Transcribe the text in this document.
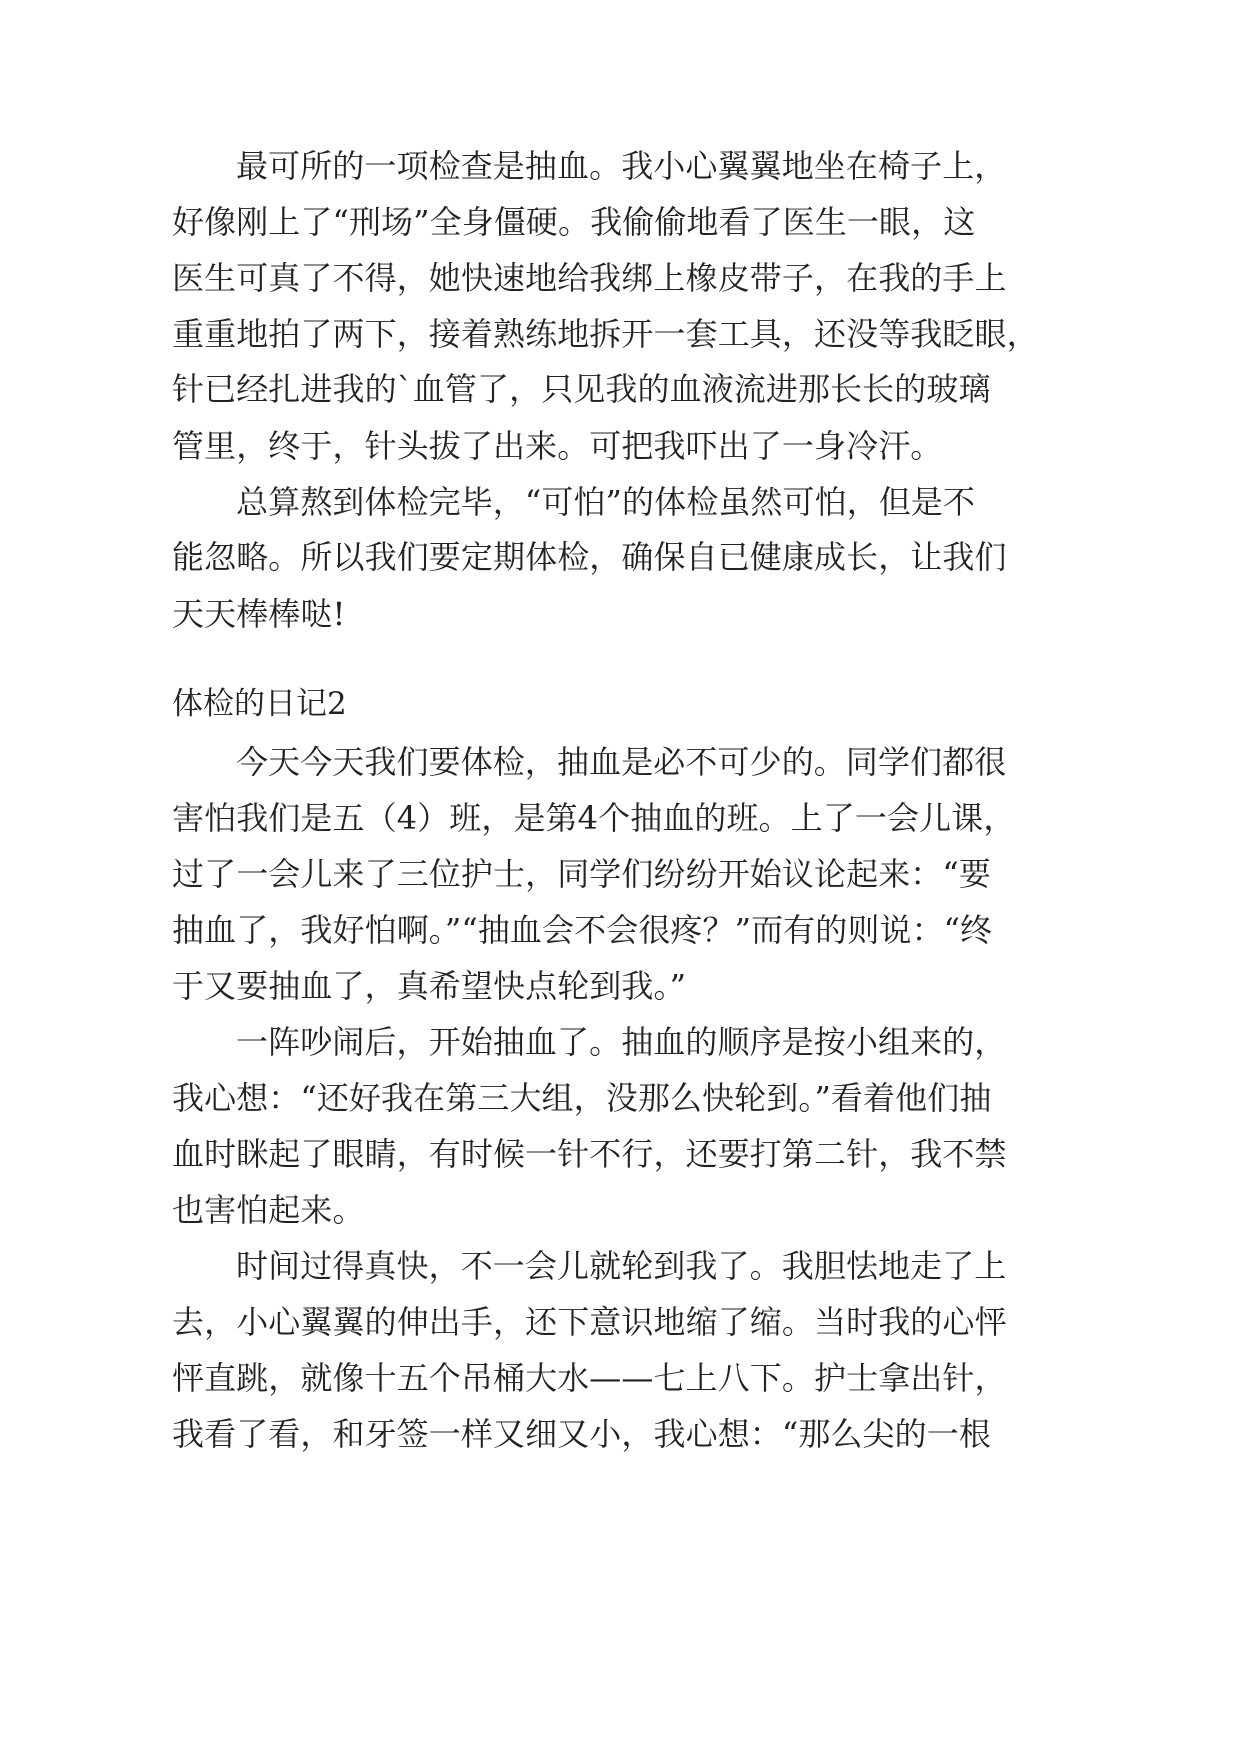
最可所的一项检查是抽血。我小心翼翼地坐在椅子上，
好像刚上了“刑场”全身僵硬。我偷偷地看了医生一眼，这
医生可真了不得，她快速地给我绑上橡皮带子，在我的手上
重重地拍了两下，接着熟练地拆开一套工具，还没等我眨眼，
针已经扎进我的`血管了，只见我的血液流进那长长的玻璃
管里，终于，针头拔了出来。可把我吓出了一身冷汗。
总算熬到体检完毕，“可怕”的体检虽然可怕，但是不
能忽略。所以我们要定期体检，确保自已健康成长，让我们
天天棒棒哒!
体检的日记2
今天今天我们要体检，抽血是必不可少的。同学们都很
害怕我们是五（4）班，是第4个抽血的班。上了一会儿课，
过了一会儿来了三位护士，同学们纷纷开始议论起来：“要
抽血了，我好怕啊。”“抽血会不会很疼？”而有的则说：“终
于又要抽血了，真希望快点轮到我。”
一阵吵闹后，开始抽血了。抽血的顺序是按小组来的，
我心想：“还好我在第三大组，没那么快轮到。”看着他们抽
血时眯起了眼睛，有时候一针不行，还要打第二针，我不禁
也害怕起来。
时间过得真快，不一会儿就轮到我了。我胆怯地走了上
去，小心翼翼的伸出手，还下意识地缩了缩。当时我的心怦
怦直跳，就像十五个吊桶大水——七上八下。护士拿出针，
我看了看，和牙签一样又细又小，我心想：“那么尖的一根
